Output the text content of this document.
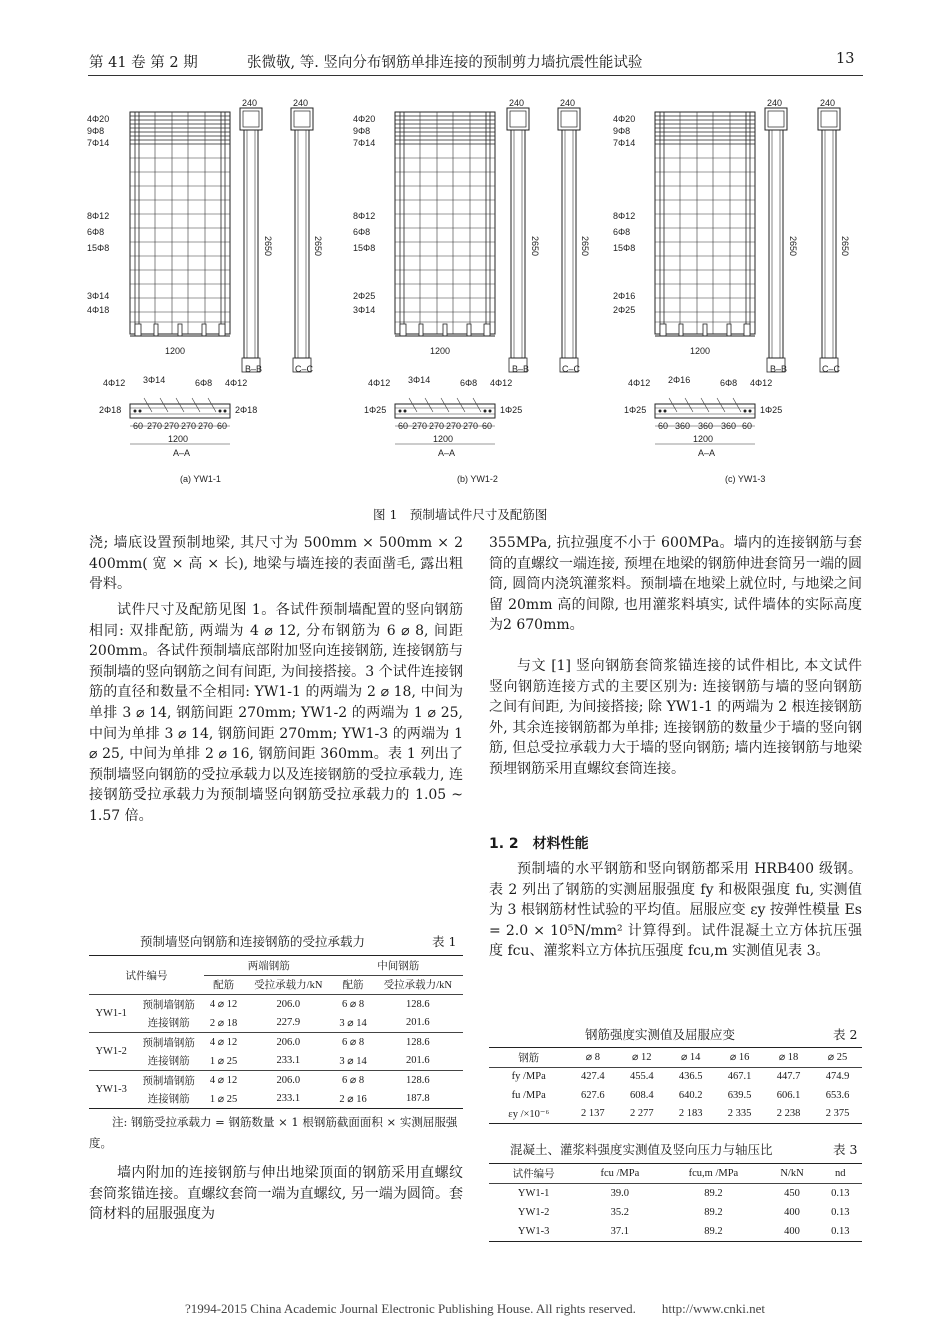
第 41 卷 第 2 期	张微敬, 等. 竖向分布钢筋单排连接的预制剪力墙抗震性能试验	13
4Φ20
9Φ8
7Φ14
8Φ12
6Φ8
15Φ8
3Φ14
4Φ18
1200
240	240
2650	2650
B–B	C–C
4Φ12 3Φ14	6Φ8 4Φ12
2Φ18	2Φ18
60 270 270 270 270 60
1200
A–A
4Φ20
9Φ8
7Φ14
8Φ12
6Φ8
15Φ8
2Φ25
3Φ14
1200
240	240
2650	2650
B–B	C–C
4Φ12 3Φ14	6Φ8 4Φ12
1Φ25	1Φ25
60 270 270 270 270 60
1200
A–A
4Φ20
9Φ8
7Φ14
8Φ12
6Φ8
15Φ8
2Φ16
2Φ25
1200
240	240
2650	2650
B–B	C–C
4Φ12 2Φ16	6Φ8 4Φ12
1Φ25	1Φ25
60 360 360 360 60
1200
A–A
(a) YW1-1	(b) YW1-2	(c) YW1-3
图 1　预制墙试件尺寸及配筋图
浇; 墙底设置预制地梁, 其尺寸为 500mm × 500mm × 2 400mm( 宽 × 高 × 长), 地梁与墙连接的表面凿毛, 露出粗骨料。
试件尺寸及配筋见图 1。各试件预制墙配置的竖向钢筋相同: 双排配筋, 两端为 4 ⌀ 12, 分布钢筋为 6 ⌀ 8, 间距 200mm。各试件预制墙底部附加竖向连接钢筋, 连接钢筋与预制墙的竖向钢筋之间有间距, 为间接搭接。3 个试件连接钢筋的直径和数量不全相同: YW1-1 的两端为 2 ⌀ 18, 中间为单排 3 ⌀ 14, 钢筋间距 270mm; YW1-2 的两端为 1 ⌀ 25, 中间为单排 3 ⌀ 14, 钢筋间距 270mm; YW1-3 的两端为 1 ⌀ 25, 中间为单排 2 ⌀ 16, 钢筋间距 360mm。表 1 列出了预制墙竖向钢筋的受拉承载力以及连接钢筋的受拉承载力, 连接钢筋受拉承载力为预制墙竖向钢筋受拉承载力的 1.05 ~ 1.57 倍。
预制墙竖向钢筋和连接钢筋的受拉承载力	表 1
试件编号		两端钢筋		中间钢筋	
		配筋	受拉承载力/kN	配筋	受拉承载力/kN
YW1-1	预制墙钢筋	4 ⌀ 12	206.0	6 ⌀ 8	128.6
	连接钢筋	2 ⌀ 18	227.9	3 ⌀ 14	201.6
YW1-2	预制墙钢筋	4 ⌀ 12	206.0	6 ⌀ 8	128.6
	连接钢筋	1 ⌀ 25	233.1	3 ⌀ 14	201.6
YW1-3	预制墙钢筋	4 ⌀ 12	206.0	6 ⌀ 8	128.6
	连接钢筋	1 ⌀ 25	233.1	2 ⌀ 16	187.8
注: 钢筋受拉承载力 = 钢筋数量 × 1 根钢筋截面面积 × 实测屈服强度。
墙内附加的连接钢筋与伸出地梁顶面的钢筋采用直螺纹套筒浆锚连接。直螺纹套筒一端为直螺纹, 另一端为圆筒。套筒材料的屈服强度为
355MPa, 抗拉强度不小于 600MPa。墙内的连接钢筋与套筒的直螺纹一端连接, 预埋在地梁的钢筋伸进套筒另一端的圆筒, 圆筒内浇筑灌浆料。预制墙在地梁上就位时, 与地梁之间留 20mm 高的间隙, 也用灌浆料填实, 试件墙体的实际高度为2 670mm。
与文 [1] 竖向钢筋套筒浆锚连接的试件相比, 本文试件竖向钢筋连接方式的主要区别为: 连接钢筋与墙的竖向钢筋之间有间距, 为间接搭接; 除 YW1-1 的两端为 2 根连接钢筋外, 其余连接钢筋都为单排; 连接钢筋的数量少于墙的竖向钢筋, 但总受拉承载力大于墙的竖向钢筋; 墙内连接钢筋与地梁预埋钢筋采用直螺纹套筒连接。
1. 2　材料性能
预制墙的水平钢筋和竖向钢筋都采用 HRB400 级钢。表 2 列出了钢筋的实测屈服强度 fy 和极限强度 fu, 实测值为 3 根钢筋材性试验的平均值。屈服应变 εy 按弹性模量 Es = 2.0 × 10⁵N/mm² 计算得到。试件混凝土立方体抗压强度 fcu、灌浆料立方体抗压强度 fcu,m 实测值见表 3。
钢筋强度实测值及屈服应变	表 2
钢筋	⌀ 8	⌀ 12	⌀ 14	⌀ 16	⌀ 18	⌀ 25
fy /MPa	427.4	455.4	436.5	467.1	447.7	474.9
fu /MPa	627.6	608.4	640.2	639.5	606.1	653.6
εy /×10⁻⁶	2 137	2 277	2 183	2 335	2 238	2 375
混凝土、灌浆料强度实测值及竖向压力与轴压比	表 3
试件编号	fcu /MPa	fcu,m /MPa	N/kN	nd
YW1-1	39.0	89.2	450	0.13
YW1-2	35.2	89.2	400	0.13
YW1-3	37.1	89.2	400	0.13
?1994-2015 China Academic Journal Electronic Publishing House. All rights reserved.　　http://www.cnki.net
